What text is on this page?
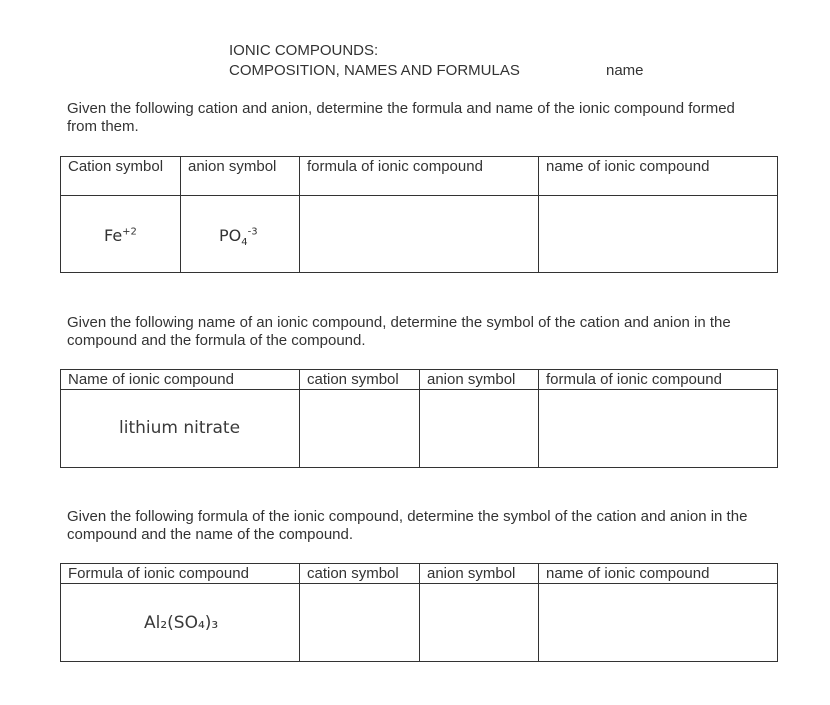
IONIC COMPOUNDS:
COMPOSITION, NAMES AND FORMULAS	name
Given the following cation and anion, determine the formula and name of the ionic compound formed from them.
Cation symbol	anion symbol	formula of ionic compound	name of ionic compound

$Fe^{+2}$	$PO_4^{-3}$

Given the following name of an ionic compound, determine the symbol of the cation and anion in the compound and the formula of the compound.
Name of ionic compound	cation symbol	anion symbol	formula of ionic compound

lithium nitrate			

Given the following formula of the ionic compound, determine the symbol of the cation and anion in the compound and the name of the compound.
Formula of ionic compound	cation symbol	anion symbol	name of ionic compound

Al₂(SO₄)₃			
